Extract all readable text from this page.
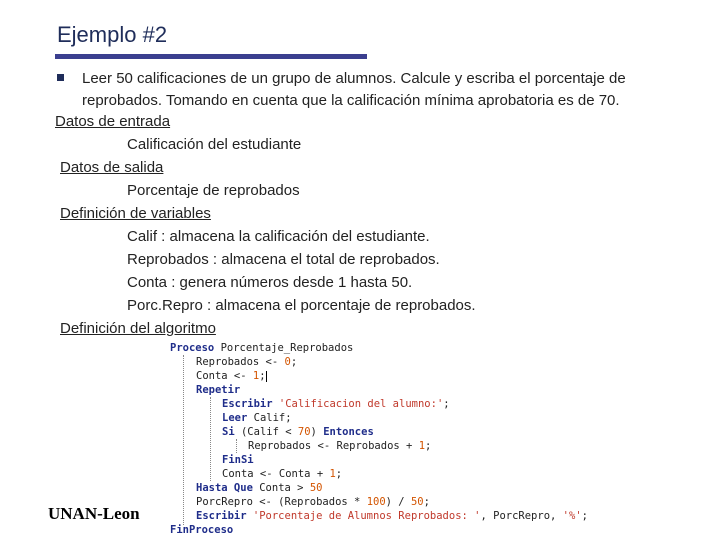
Ejemplo #2
Leer 50 calificaciones de un grupo de alumnos. Calcule y escriba el porcentaje de reprobados. Tomando en cuenta que la calificación mínima aprobatoria es de 70.
Datos de entrada
Calificación del estudiante
Datos de salida
Porcentaje de reprobados
Definición de variables
Calif : almacena la calificación del estudiante.
Reprobados : almacena el total de reprobados.
Conta : genera números desde 1 hasta 50.
Porc.Repro : almacena el porcentaje de reprobados.
Definición del algoritmo
Proceso Porcentaje_Reprobados
Reprobados <- 0;
Conta <- 1;
Repetir
Escribir 'Calificacion del alumno:';
Leer Calif;
Si (Calif < 70) Entonces
Reprobados <- Reprobados + 1;
FinSi
Conta <- Conta + 1;
Hasta Que Conta > 50
PorcRepro <- (Reprobados * 100) / 50;
Escribir 'Porcentaje de Alumnos Reprobados: ', PorcRepro, '%';
FinProceso
UNAN-Leon
